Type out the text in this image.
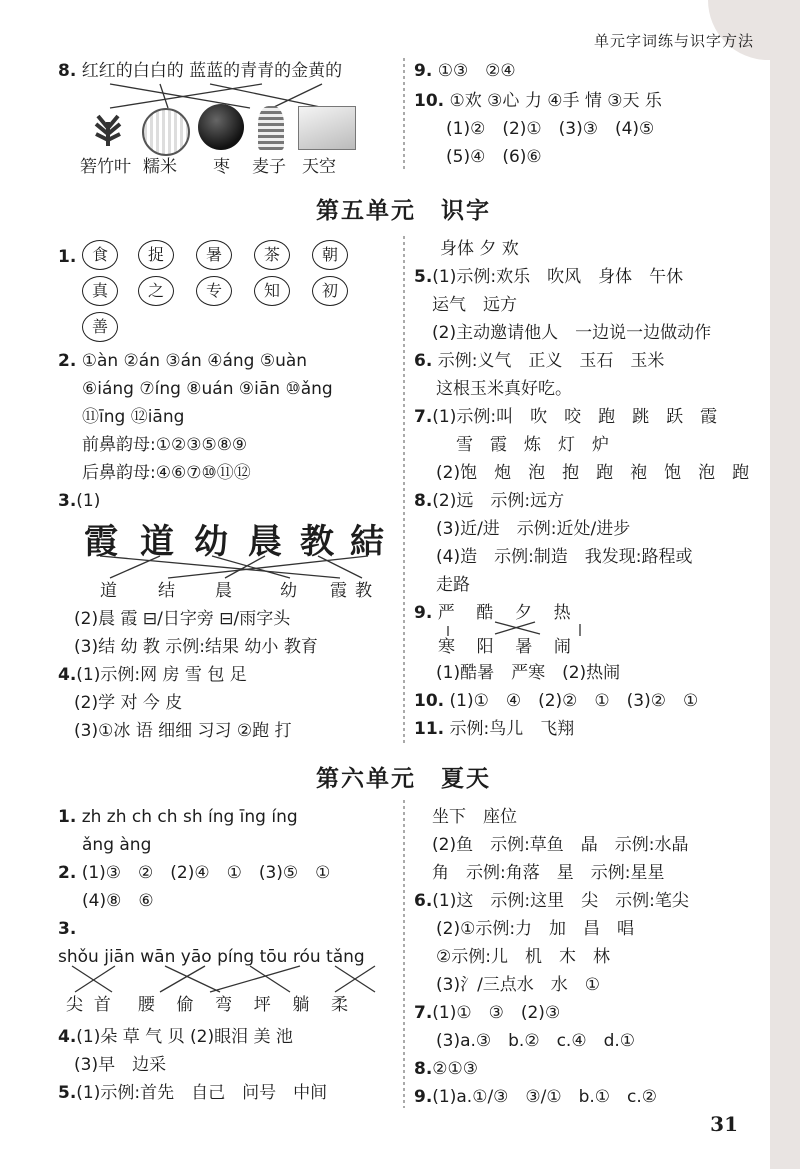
单元字词练与识字方法
31
8. 红红的白白的 蓝蓝的青青的金黄的
箬竹叶 糯米 枣 麦子 天空
9. ①③　②④
10. ①欢 ③心 力 ④手 情 ③天 乐
(1)②　(2)①　(3)③　(4)⑤
(5)④　(6)⑥
第五单元　识字
1. 食	捉	暑	茶	朝
真	之	专	知	初
善
2. ①àn ②án ③án ④áng ⑤uàn
⑥iáng ⑦íng ⑧uán ⑨iān ⑩ǎng
⑪īng ⑫iāng
前鼻韵母:①②③⑤⑧⑨
后鼻韵母:④⑥⑦⑩⑪⑫
3.(1)
霞 道 幼 晨 教 結
道 结 晨	幼 霞 教
(2)晨 霞 ⊟/日字旁 ⊟/雨字头
(3)结 幼 教 示例:结果 幼小 教育
4.(1)示例:网 房 雪 包 足
(2)学 对 今 皮
(3)①冰 语 细细 习习 ②跑 打
身体 夕 欢
5.(1)示例:欢乐　吹风　身体　午休
运气　远方
(2)主动邀请他人　一边说一边做动作
6. 示例:义气　正义　玉石　玉米
这根玉米真好吃。
7.(1)示例:叫　吹　咬　跑　跳　跃　霞
雪　霞　炼　灯　炉
(2)饱　炮　泡　抱　跑　袍　饱　泡　跑
8.(2)远　示例:远方
(3)近/进　示例:近处/进步
(4)造　示例:制造　我发现:路程或
走路
9. 严 酷 夕 热
寒 阳 暑 闹
(1)酷暑　严寒　(2)热闹
10. (1)①　④　(2)②　①　(3)②　①
11. 示例:鸟儿　飞翔
第六单元　夏天
1. zh zh ch ch sh íng īng íng
ǎng àng
2. (1)③　②　(2)④　①　(3)⑤　①
(4)⑧　⑥
3.
shǒu jiān wān yāo píng tōu róu tǎng
尖 首 腰 偷 弯 坪 躺 柔
4.(1)朵 草 气 贝 (2)眼泪 美 池
(3)早　边采
5.(1)示例:首先　自己　问号　中间
坐下　座位
(2)鱼　示例:草鱼　晶　示例:水晶
角　示例:角落　星　示例:星星
6.(1)这　示例:这里　尖　示例:笔尖
(2)①示例:力　加　昌　唱
②示例:儿　机　木　林
(3)氵/三点水　水　①
7.(1)①　③　(2)③
(3)a.③　b.②　c.④　d.①
8.②①③
9.(1)a.①/③　③/①　b.①　c.②
